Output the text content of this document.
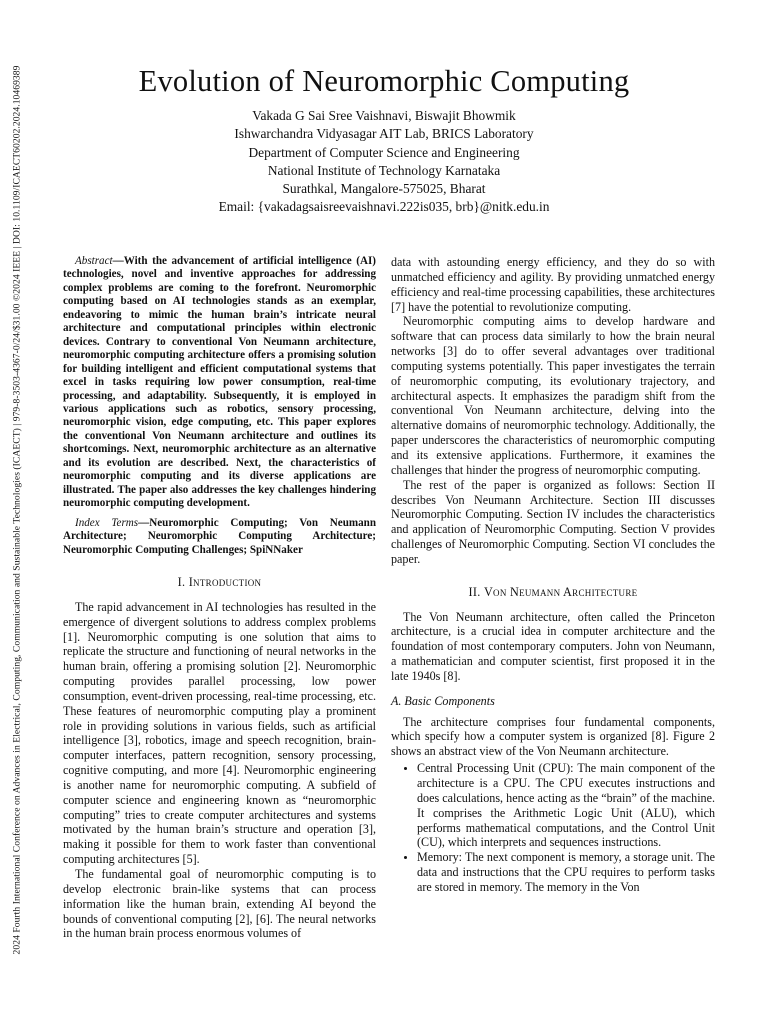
2024 Fourth International Conference on Advances in Electrical, Computing, Communication and Sustainable Technologies (ICAECT) | 979-8-3503-4367-0/24/$31.00 ©2024 IEEE | DOI: 10.1109/ICAECT60202.2024.10469389	Evolution of Neuromorphic Computing
Vakada G Sai Sree Vaishnavi, Biswajit Bhowmik
Ishwarchandra Vidyasagar AIT Lab, BRICS Laboratory
Department of Computer Science and Engineering
National Institute of Technology Karnataka
Surathkal, Mangalore-575025, Bharat
Email: {vakadagsaisreevaishnavi.222is035, brb}@nitk.edu.in

Abstract—With the advancement of artificial intelligence (AI) technologies, novel and inventive approaches for addressing complex problems are coming to the forefront. Neuromorphic computing based on AI technologies stands as an exemplar, endeavoring to mimic the human brain’s intricate neural architecture and computational principles within electronic devices. Contrary to conventional Von Neumann architecture, neuromorphic computing architecture offers a promising solution for building intelligent and efficient computational systems that excel in tasks requiring low power consumption, real-time processing, and adaptability. Subsequently, it is employed in various applications such as robotics, sensory processing, neuromorphic vision, edge computing, etc. This paper explores the conventional Von Neumann architecture and outlines its shortcomings. Next, neuromorphic architecture as an alternative and its evolution are described. Next, the characteristics of neuromorphic computing and its diverse applications are illustrated. The paper also addresses the key challenges hindering neuromorphic computing development.

Index Terms—Neuromorphic Computing; Von Neumann Architecture; Neuromorphic Computing Architecture; Neuromorphic Computing Challenges; SpiNNaker

I. Introduction

The rapid advancement in AI technologies has resulted in the emergence of divergent solutions to address complex problems [1]. Neuromorphic computing is one solution that aims to replicate the structure and functioning of neural networks in the human brain, offering a promising solution [2]. Neuromorphic computing provides parallel processing, low power consumption, event-driven processing, real-time processing, etc. These features of neuromorphic computing play a prominent role in providing solutions in various fields, such as artificial intelligence [3], robotics, image and speech recognition, brain-computer interfaces, pattern recognition, sensory processing, cognitive computing, and more [4]. Neuromorphic engineering is another name for neuromorphic computing. A subfield of computer science and engineering known as “neuromorphic computing” tries to create computer architectures and systems motivated by the human brain’s structure and operation [3], making it possible for them to work faster than conventional computing architectures [5].

The fundamental goal of neuromorphic computing is to develop electronic brain-like systems that can process information like the human brain, extending AI beyond the bounds of conventional computing [2], [6]. The neural networks in the human brain process enormous volumes of

data with astounding energy efficiency, and they do so with unmatched efficiency and agility. By providing unmatched energy efficiency and real-time processing capabilities, these architectures [7] have the potential to revolutionize computing.

Neuromorphic computing aims to develop hardware and software that can process data similarly to how the brain neural networks [3] do to offer several advantages over traditional computing systems potentially. This paper investigates the terrain of neuromorphic computing, its evolutionary trajectory, and architectural aspects. It emphasizes the paradigm shift from the conventional Von Neumann architecture, delving into the alternative domains of neuromorphic technology. Additionally, the paper underscores the characteristics of neuromorphic computing and its extensive applications. Furthermore, it examines the challenges that hinder the progress of neuromorphic computing.

The rest of the paper is organized as follows: Section II describes Von Neumann Architecture. Section III discusses Neuromorphic Computing. Section IV includes the characteristics and application of Neuromorphic Computing. Section V provides challenges of Neuromorphic Computing. Section VI concludes the paper.

II. Von Neumann Architecture

The Von Neumann architecture, often called the Princeton architecture, is a crucial idea in computer architecture and the foundation of most contemporary computers. John von Neumann, a mathematician and computer scientist, first proposed it in the late 1940s [8].

A. Basic Components

The architecture comprises four fundamental components, which specify how a computer system is organized [8]. Figure 2 shows an abstract view of the Von Neumann architecture.

• Central Processing Unit (CPU): The main component of the architecture is a CPU. The CPU executes instructions and does calculations, hence acting as the “brain” of the machine. It comprises the Arithmetic Logic Unit (ALU), which performs mathematical computations, and the Control Unit (CU), which interprets and sequences instructions.
• Memory: The next component is memory, a storage unit. The data and instructions that the CPU requires to perform tasks are stored in memory. The memory in the Von
